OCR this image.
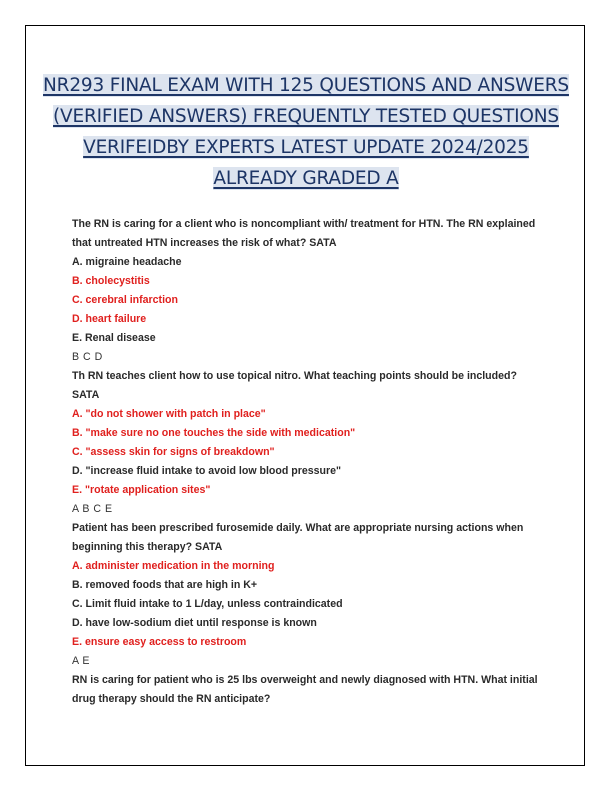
NR293 FINAL EXAM WITH 125 QUESTIONS AND ANSWERS (VERIFIED ANSWERS) FREQUENTLY TESTED QUESTIONS VERIFEIDBY EXPERTS LATEST UPDATE 2024/2025 ALREADY GRADED A
The RN is caring for a client who is noncompliant with/ treatment for HTN. The RN explained that untreated HTN increases the risk of what? SATA
A. migraine headache
B. cholecystitis
C. cerebral infarction
D. heart failure
E. Renal disease
B C D
Th RN teaches client how to use topical nitro. What teaching points should be included? SATA
A. "do not shower with patch in place"
B. "make sure no one touches the side with medication"
C. "assess skin for signs of breakdown"
D. "increase fluid intake to avoid low blood pressure"
E. "rotate application sites"
A B C E
Patient has been prescribed furosemide daily. What are appropriate nursing actions when beginning this therapy? SATA
A. administer medication in the morning
B. removed foods that are high in K+
C. Limit fluid intake to 1 L/day, unless contraindicated
D. have low-sodium diet until response is known
E. ensure easy access to restroom
A E
RN is caring for patient who is 25 lbs overweight and newly diagnosed with HTN. What initial drug therapy should the RN anticipate?
